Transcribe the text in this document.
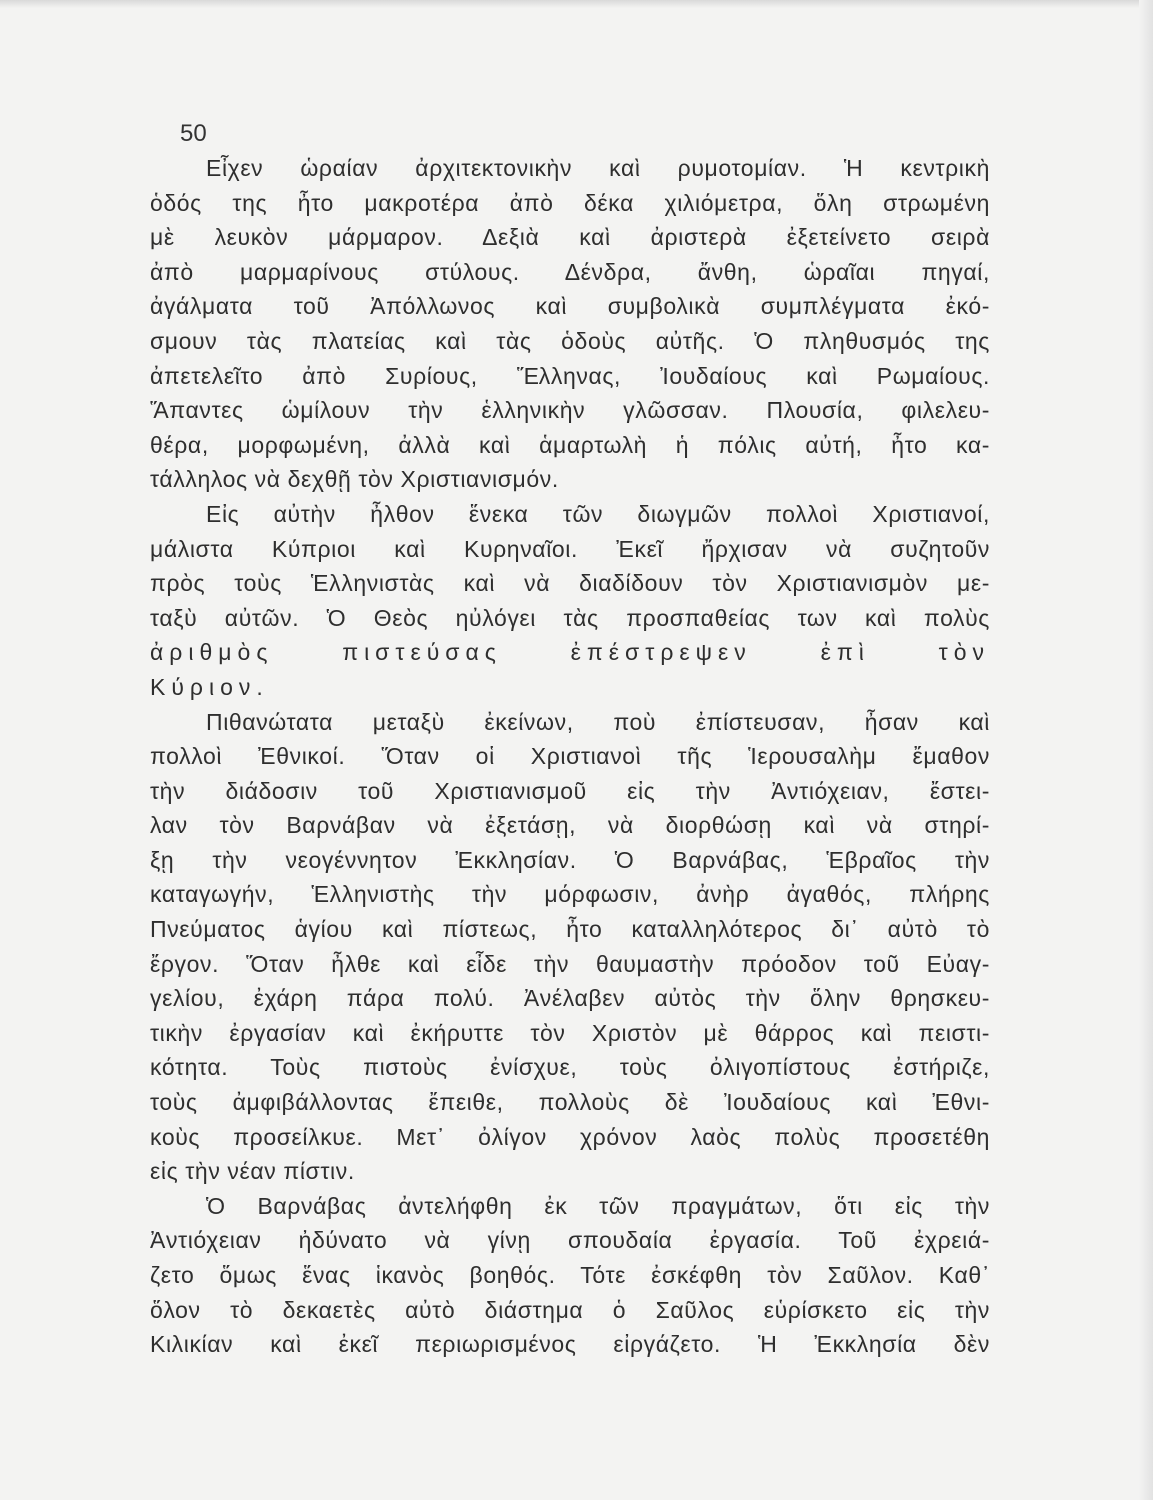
50
Εἶχεν ὡραίαν ἀρχιτεκτονικὴν καὶ ρυμοτομίαν. Ἡ κεντρικὴ
ὁδός της ἦτο μακροτέρα ἀπὸ δέκα χιλιόμετρα, ὅλη στρωμένη
μὲ λευκὸν μάρμαρον. Δεξιὰ καὶ ἀριστερὰ ἐξετείνετο σειρὰ
ἀπὸ μαρμαρίνους στύλους. Δένδρα, ἄνθη, ὡραῖαι πηγαί,
ἀγάλματα τοῦ Ἀπόλλωνος καὶ συμβολικὰ συμπλέγματα ἐκό-
σμουν τὰς πλατείας καὶ τὰς ὁδοὺς αὐτῆς. Ὁ πληθυσμός της
ἀπετελεῖτο ἀπὸ Συρίους, Ἕλληνας, Ἰουδαίους καὶ Ρωμαίους.
Ἅπαντες ὡμίλουν τὴν ἑλληνικὴν γλῶσσαν. Πλουσία, φιλελευ-
θέρα, μορφωμένη, ἀλλὰ καὶ ἁμαρτωλὴ ἡ πόλις αὐτή, ἦτο κα-
τάλληλος νὰ δεχθῇ τὸν Χριστιανισμόν.
Εἰς αὐτὴν ἦλθον ἕνεκα τῶν διωγμῶν πολλοὶ Χριστιανοί,
μάλιστα Κύπριοι καὶ Κυρηναῖοι. Ἐκεῖ ἤρχισαν νὰ συζητοῦν
πρὸς τοὺς Ἑλληνιστὰς καὶ νὰ διαδίδουν τὸν Χριστιανισμὸν με-
ταξὺ αὐτῶν. Ὁ Θεὸς ηὐλόγει τὰς προσπαθείας των καὶ πολὺς
ἀριθμὸς πιστεύσας ἐπέστρεψεν ἐπὶ τὸν
Κύριον.
Πιθανώτατα μεταξὺ ἐκείνων, ποὺ ἐπίστευσαν, ἦσαν καὶ
πολλοὶ Ἐθνικοί. Ὅταν οἱ Χριστιανοὶ τῆς Ἱερουσαλὴμ ἔμαθον
τὴν διάδοσιν τοῦ Χριστιανισμοῦ εἰς τὴν Ἀντιόχειαν, ἔστει-
λαν τὸν Βαρνάβαν νὰ ἐξετάσῃ, νὰ διορθώσῃ καὶ νὰ στηρί-
ξῃ τὴν νεογέννητον Ἐκκλησίαν. Ὁ Βαρνάβας, Ἑβραῖος τὴν
καταγωγήν, Ἑλληνιστὴς τὴν μόρφωσιν, ἀνὴρ ἀγαθός, πλήρης
Πνεύματος ἁγίου καὶ πίστεως, ἦτο καταλληλότερος δι᾽ αὐτὸ τὸ
ἔργον. Ὅταν ἦλθε καὶ εἶδε τὴν θαυμαστὴν πρόοδον τοῦ Εὐαγ-
γελίου, ἐχάρη πάρα πολύ. Ἀνέλαβεν αὐτὸς τὴν ὅλην θρησκευ-
τικὴν ἐργασίαν καὶ ἐκήρυττε τὸν Χριστὸν μὲ θάρρος καὶ πειστι-
κότητα. Τοὺς πιστοὺς ἐνίσχυε, τοὺς ὀλιγοπίστους ἐστήριζε,
τοὺς ἀμφιβάλλοντας ἔπειθε, πολλοὺς δὲ Ἰουδαίους καὶ Ἐθνι-
κοὺς προσείλκυε. Μετ᾽ ὀλίγον χρόνον λαὸς πολὺς προσετέθη
εἰς τὴν νέαν πίστιν.
Ὁ Βαρνάβας ἀντελήφθη ἐκ τῶν πραγμάτων, ὅτι εἰς τὴν
Ἀντιόχειαν ἠδύνατο νὰ γίνῃ σπουδαία ἐργασία. Τοῦ ἐχρειά-
ζετο ὅμως ἕνας ἱκανὸς βοηθός. Τότε ἐσκέφθη τὸν Σαῦλον. Καθ᾽
ὅλον τὸ δεκαετὲς αὐτὸ διάστημα ὁ Σαῦλος εὑρίσκετο εἰς τὴν
Κιλικίαν καὶ ἐκεῖ περιωρισμένος εἰργάζετο. Ἡ Ἐκκλησία δὲν
